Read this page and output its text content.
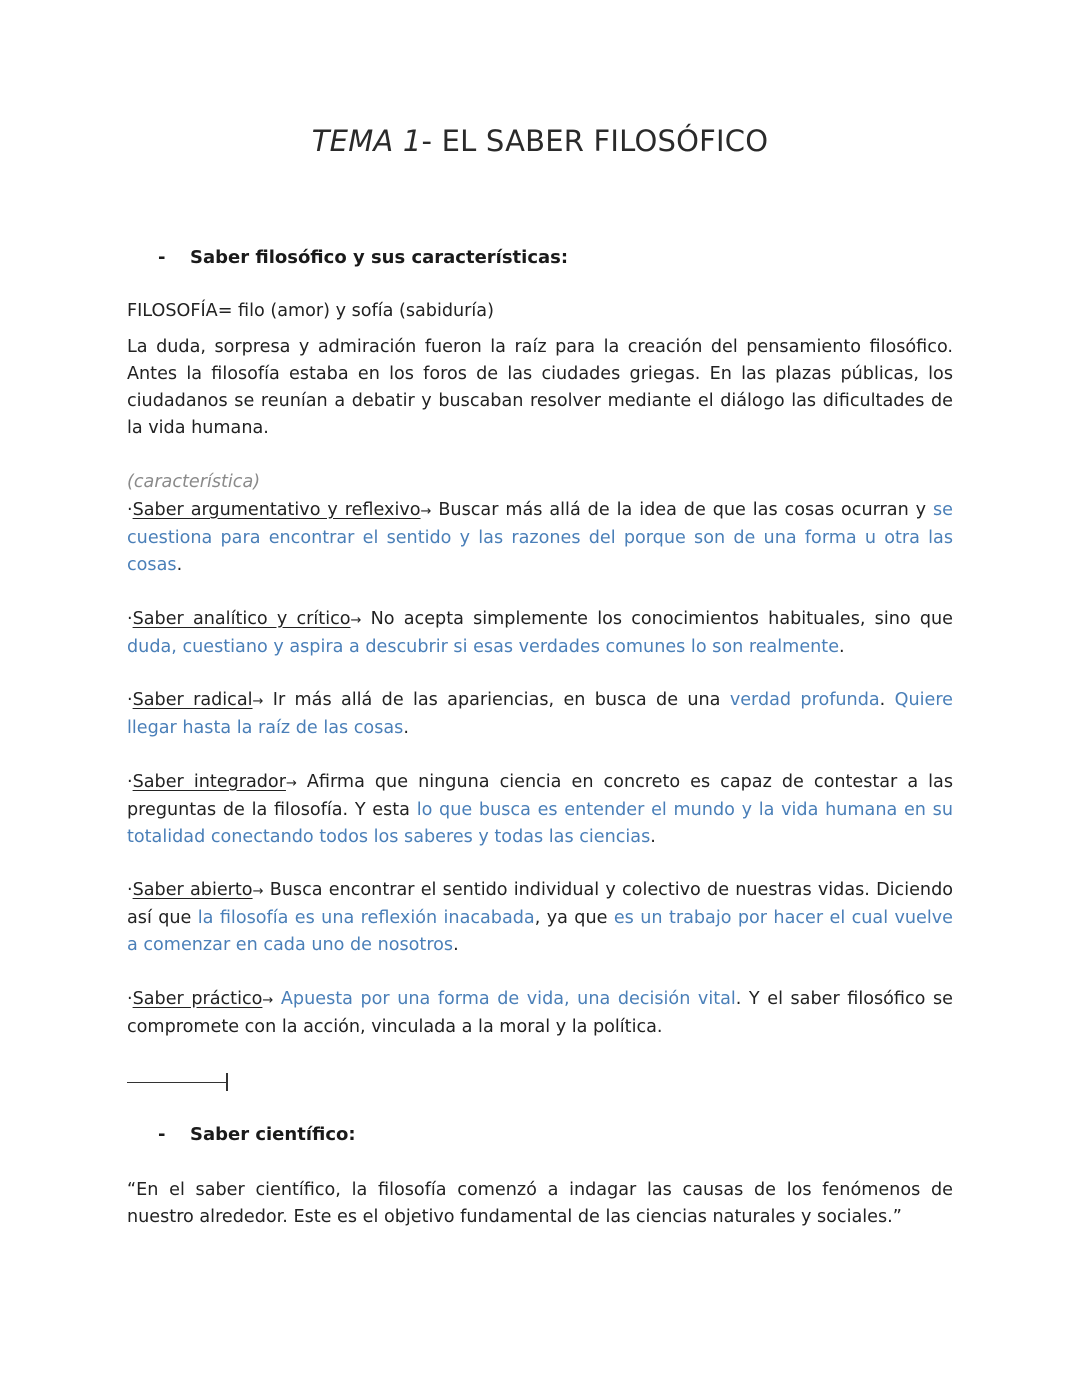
TEMA 1- EL SABER FILOSÓFICO
- Saber filosófico y sus características:

FILOSOFÍA= filo (amor) y sofía (sabiduría)

La duda, sorpresa y admiración fueron la raíz para la creación del pensamiento filosófico. Antes la filosofía estaba en los foros de las ciudades griegas. En las plazas públicas, los ciudadanos se reunían a debatir y buscaban resolver mediante el diálogo las dificultades de la vida humana.

(característica)

·Saber argumentativo y reflexivo→ Buscar más allá de la idea de que las cosas ocurran y se cuestiona para encontrar el sentido y las razones del porque son de una forma u otra las cosas.

·Saber analítico y crítico→ No acepta simplemente los conocimientos habituales, sino que duda, cuestiano y aspira a descubrir si esas verdades comunes lo son realmente.

·Saber radical→ Ir más allá de las apariencias, en busca de una verdad profunda. Quiere llegar hasta la raíz de las cosas.

·Saber integrador→ Afirma que ninguna ciencia en concreto es capaz de contestar a las preguntas de la filosofía. Y esta lo que busca es entender el mundo y la vida humana en su totalidad conectando todos los saberes y todas las ciencias.

·Saber abierto→ Busca encontrar el sentido individual y colectivo de nuestras vidas. Diciendo así que la filosofía es una reflexión inacabada, ya que es un trabajo por hacer el cual vuelve a comenzar en cada uno de nosotros.

·Saber práctico→ Apuesta por una forma de vida, una decisión vital. Y el saber filosófico se compromete con la acción, vinculada a la moral y la política.

- Saber científico:

“En el saber científico, la filosofía comenzó a indagar las causas de los fenómenos de nuestro alrededor. Este es el objetivo fundamental de las ciencias naturales y sociales.”
